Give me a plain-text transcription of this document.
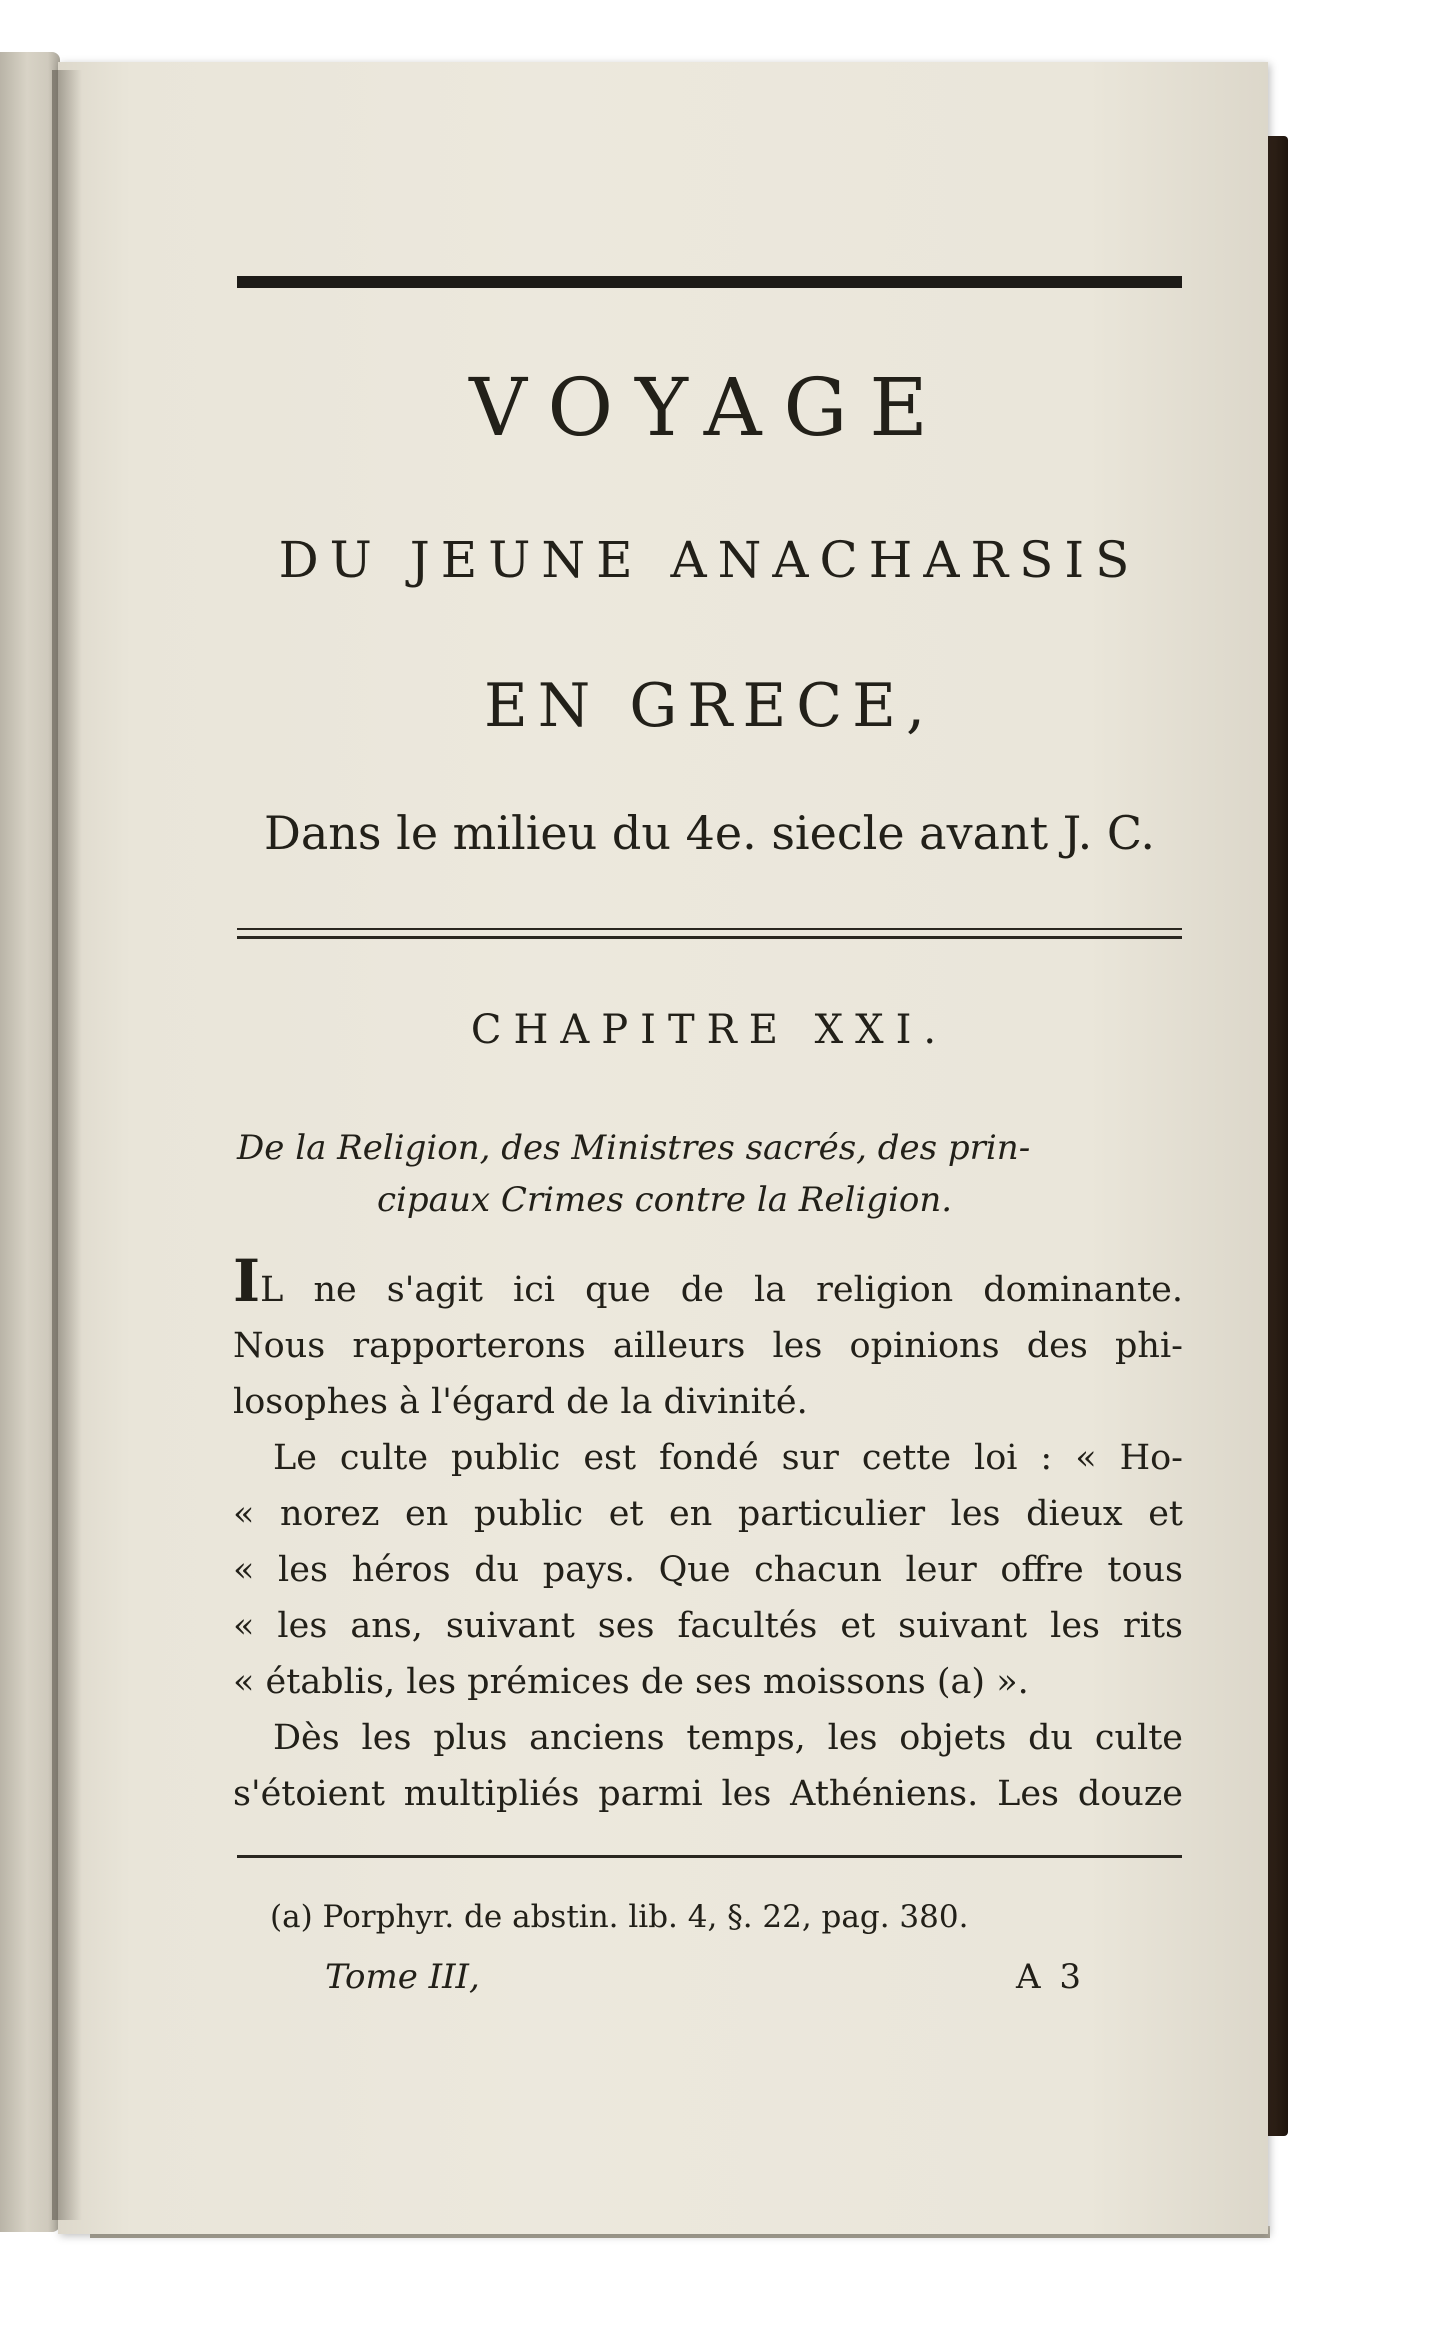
VOYAGE
DU JEUNE ANACHARSIS
EN GRECE,
Dans le milieu du 4e. siecle avant J. C.
CHAPITRE XXI.
De la Religion, des Ministres sacrés, des prin-
cipaux Crimes contre la Religion.
IL ne s'agit ici que de la religion dominante.
Nous rapporterons ailleurs les opinions des phi-
losophes à l'égard de la divinité.
Le culte public est fondé sur cette loi : « Ho-
« norez en public et en particulier les dieux et
« les héros du pays. Que chacun leur offre tous
« les ans, suivant ses facultés et suivant les rits
« établis, les prémices de ses moissons (a) ».
Dès les plus anciens temps, les objets du culte
s'étoient multipliés parmi les Athéniens. Les douze
(a) Porphyr. de abstin. lib. 4, §. 22, pag. 380.
Tome III,	A 3
